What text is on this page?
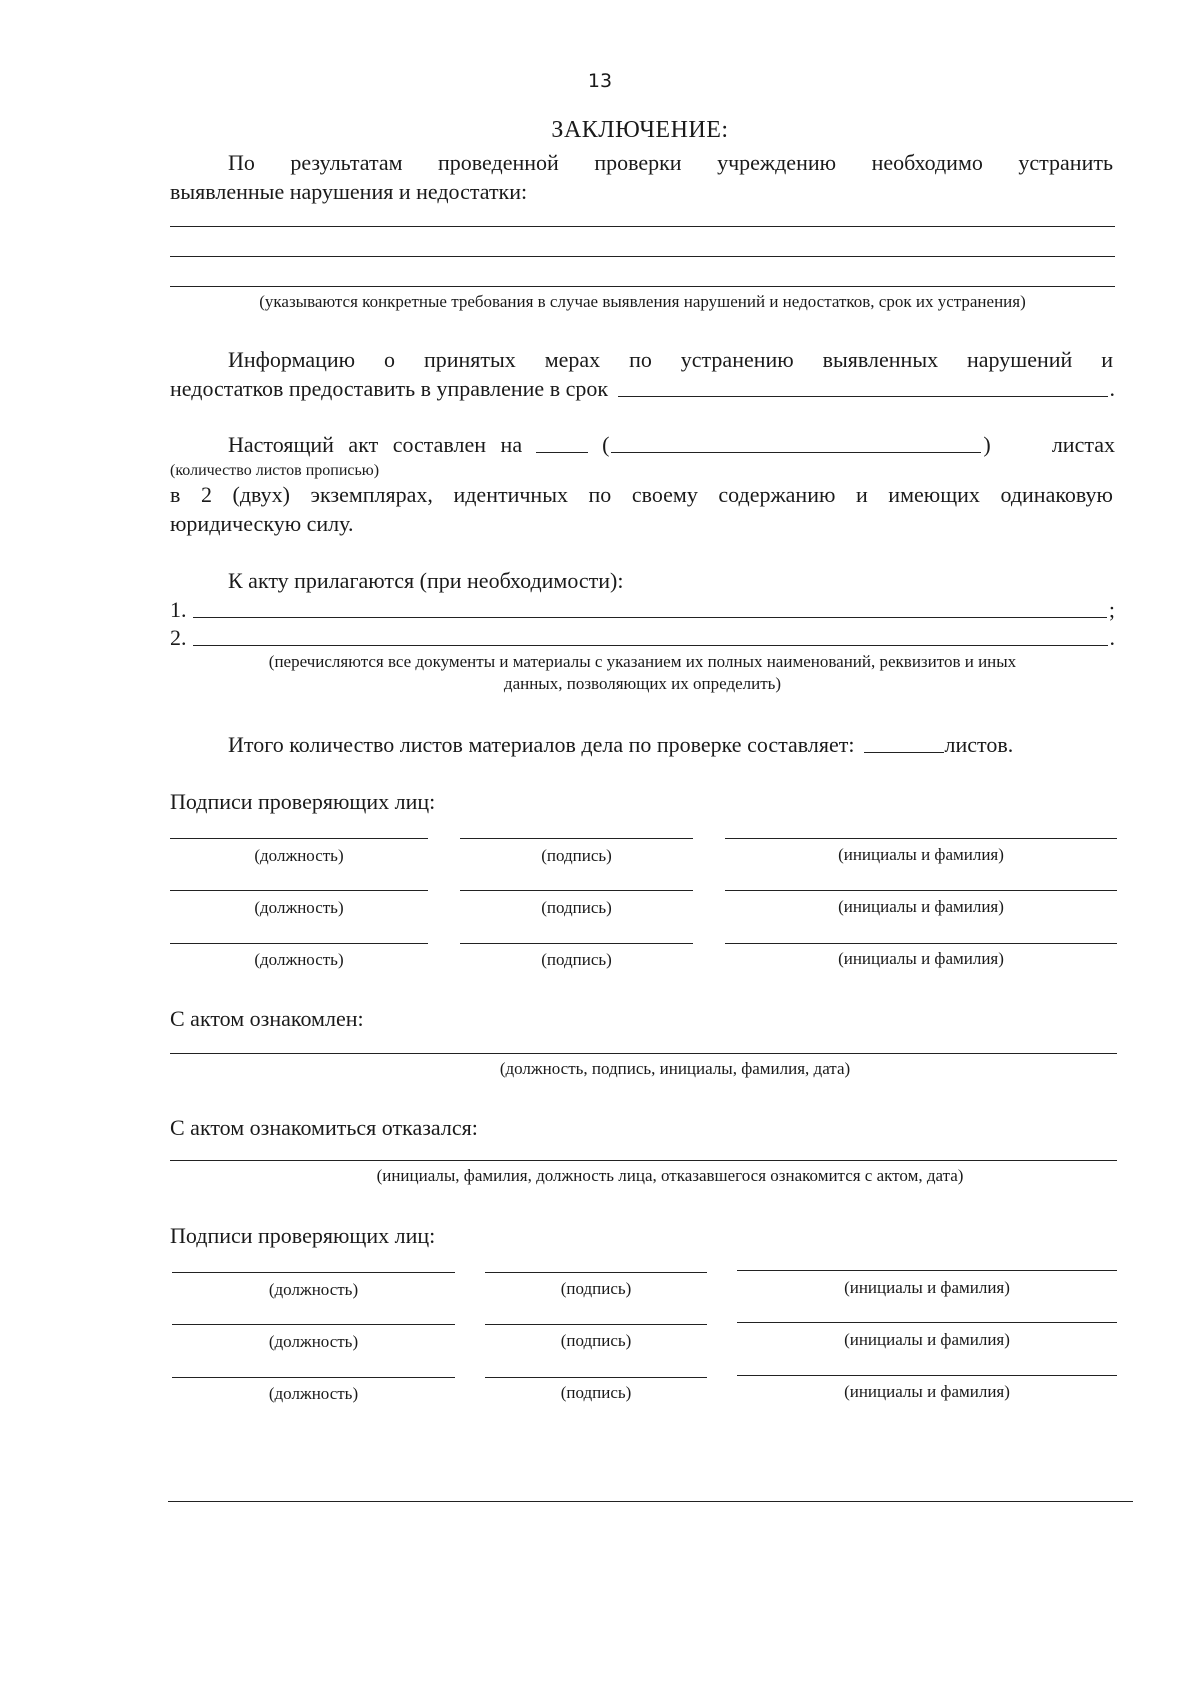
13
ЗАКЛЮЧЕНИЕ:
По результатам проведенной проверки учреждению необходимо устранить
выявленные нарушения и недостатки:
(указываются конкретные требования в случае выявления нарушений и недостатков, срок их устранения)
Информацию о принятых мерах по устранению выявленных нарушений и
недостатков предоставить в управление в срок	.
Настоящий акт составлен на	(	)	листах
(количество листов прописью)
в 2 (двух) экземплярах, идентичных по своему содержанию и имеющих одинаковую
юридическую силу.
К акту прилагаются (при необходимости):
1.	;
2.	.
(перечисляются все документы и материалы с указанием их полных наименований, реквизитов и иных
данных, позволяющих их определить)
Итого количество листов материалов дела по проверке составляет:	листов.
Подписи проверяющих лиц:
(должность)	(подпись)	(инициалы и фамилия)
(должность)	(подпись)	(инициалы и фамилия)
(должность)	(подпись)	(инициалы и фамилия)
С актом ознакомлен:
(должность, подпись, инициалы, фамилия, дата)
С актом ознакомиться отказался:
(инициалы, фамилия, должность лица, отказавшегося ознакомится с актом, дата)
Подписи проверяющих лиц:
(должность)	(подпись)	(инициалы и фамилия)
(должность)	(подпись)	(инициалы и фамилия)
(должность)	(подпись)	(инициалы и фамилия)
